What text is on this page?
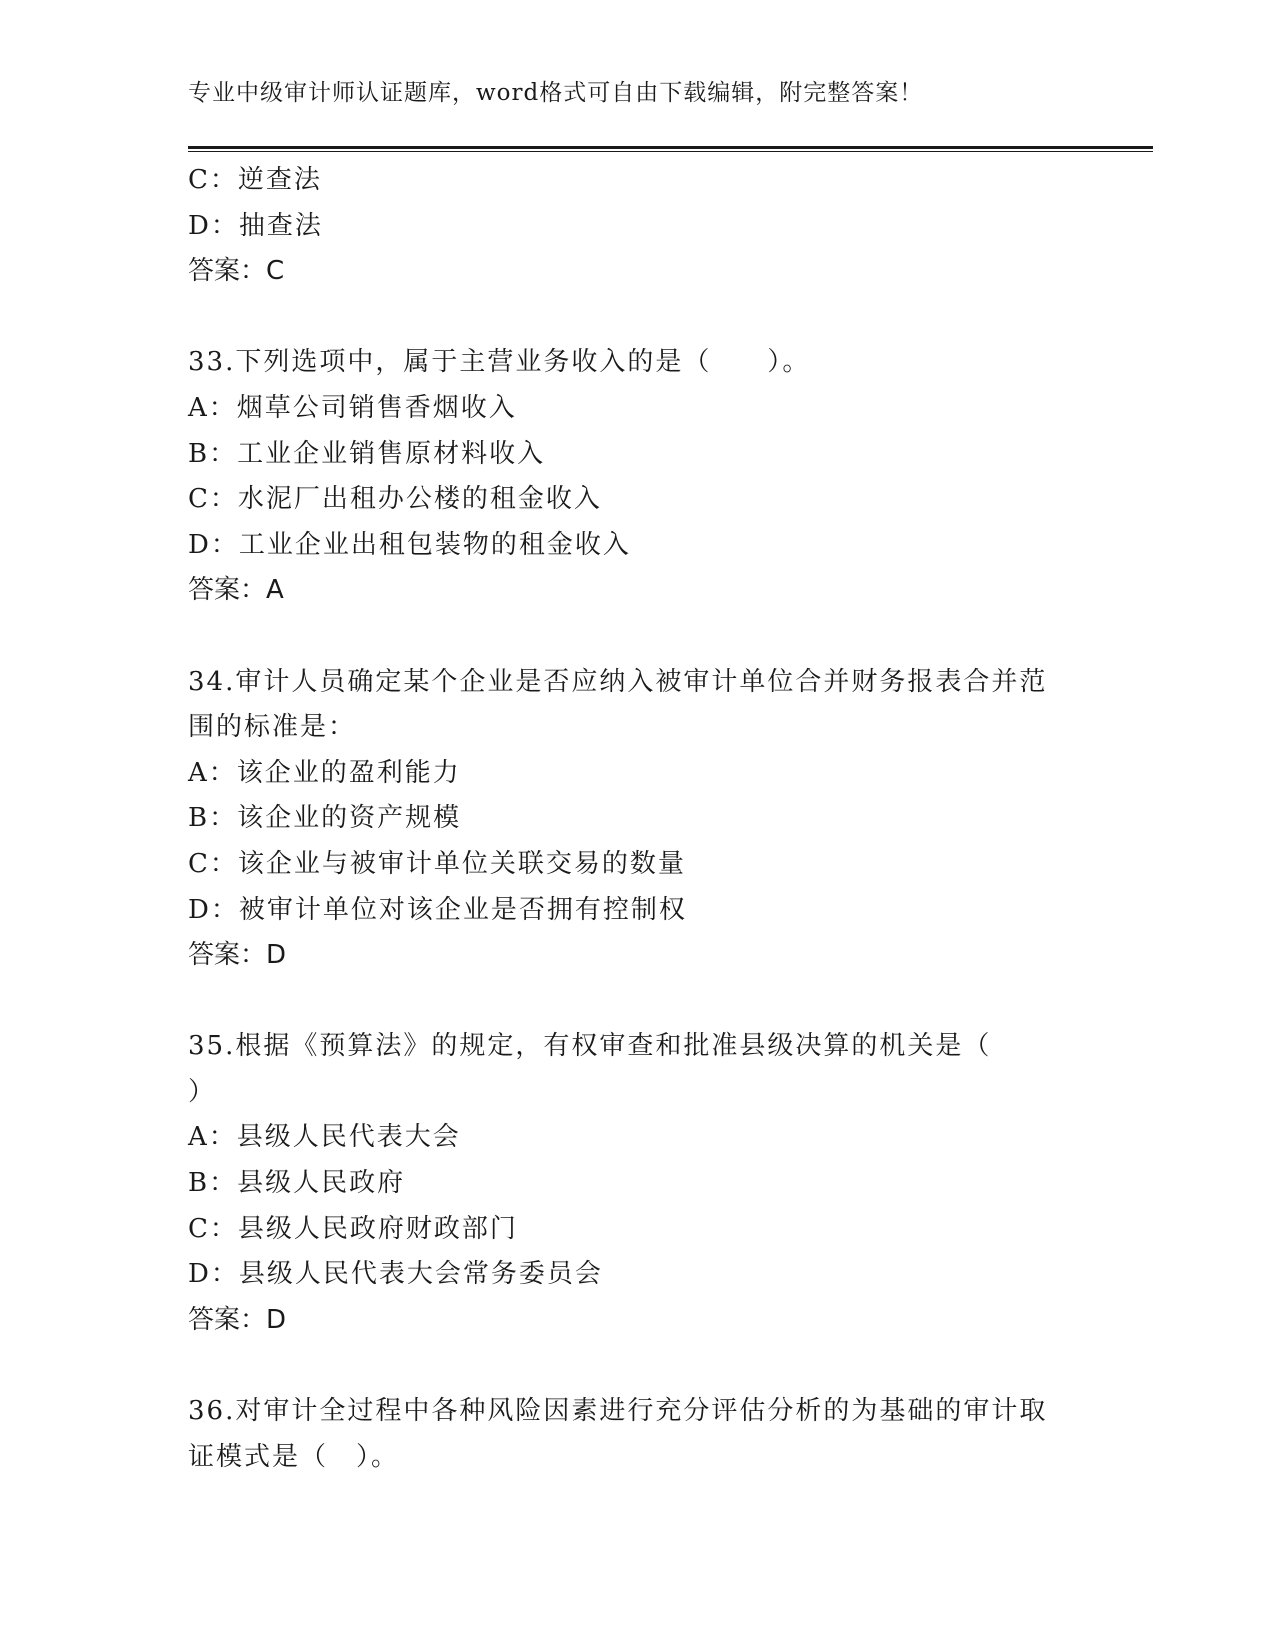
专业中级审计师认证题库，word格式可自由下载编辑，附完整答案！
C：逆查法
D：抽查法
答案：C
33.下列选项中，属于主营业务收入的是（　　）。
A：烟草公司销售香烟收入
B：工业企业销售原材料收入
C：水泥厂出租办公楼的租金收入
D：工业企业出租包装物的租金收入
答案：A
34.审计人员确定某个企业是否应纳入被审计单位合并财务报表合并范
围的标准是：
A：该企业的盈利能力
B：该企业的资产规模
C：该企业与被审计单位关联交易的数量
D：被审计单位对该企业是否拥有控制权
答案：D
35.根据《预算法》的规定，有权审查和批准县级决算的机关是（
）
A：县级人民代表大会
B：县级人民政府
C：县级人民政府财政部门
D：县级人民代表大会常务委员会
答案：D
36.对审计全过程中各种风险因素进行充分评估分析的为基础的审计取
证模式是（　）。
